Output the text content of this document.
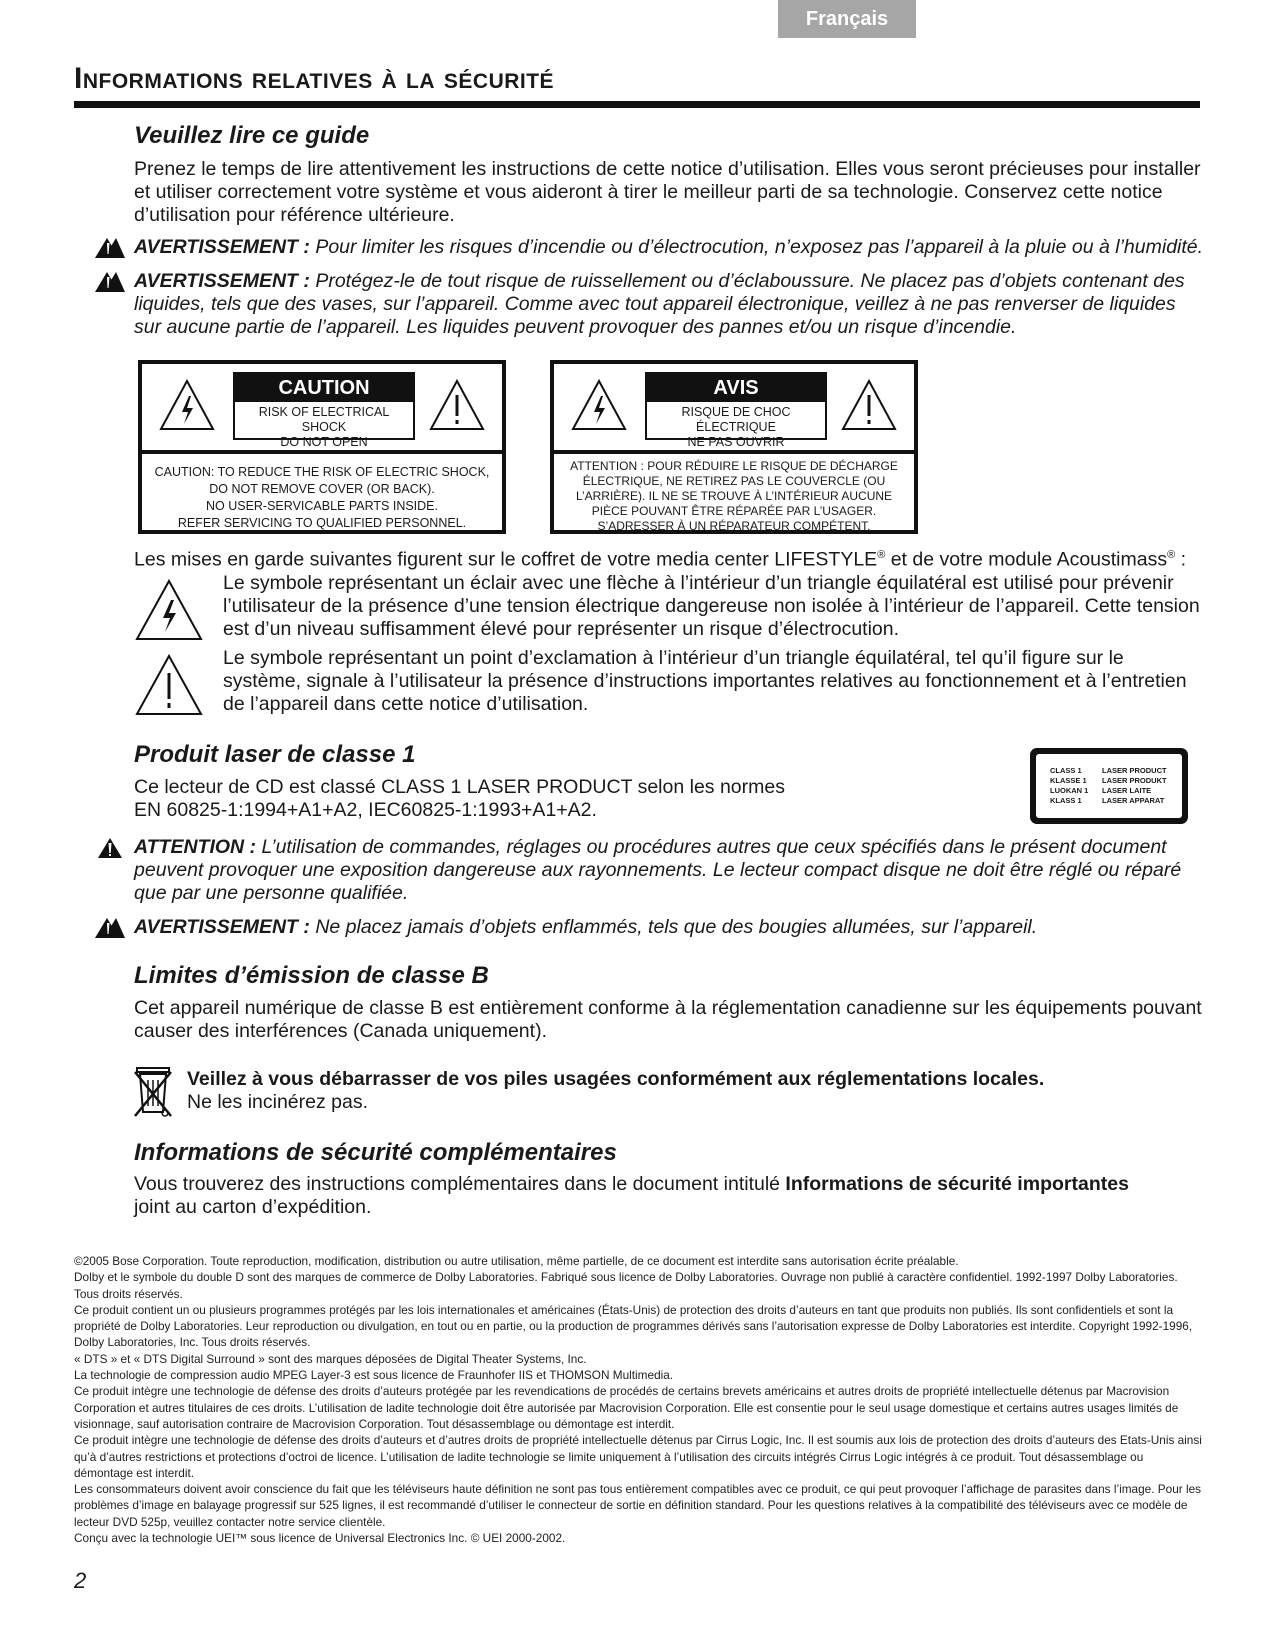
Français
Informations relatives à la sécurité
Veuillez lire ce guide

Prenez le temps de lire attentivement les instructions de cette notice d’utilisation. Elles vous seront précieuses pour installer et utiliser correctement votre système et vous aideront à tirer le meilleur parti de sa technologie. Conservez cette notice d’utilisation pour référence ultérieure.

AVERTISSEMENT : Pour limiter les risques d’incendie ou d’électrocution, n’exposez pas l’appareil à la pluie ou à l’humidité.
AVERTISSEMENT : Protégez-le de tout risque de ruissellement ou d’éclaboussure. Ne placez pas d’objets contenant des liquides, tels que des vases, sur l’appareil. Comme avec tout appareil électronique, veillez à ne pas renverser de liquides sur aucune partie de l’appareil. Les liquides peuvent provoquer des pannes et/ou un risque d’incendie.
CAUTION
RISK OF ELECTRICAL SHOCK
DO NOT OPEN
CAUTION: TO REDUCE THE RISK OF ELECTRIC SHOCK,
DO NOT REMOVE COVER (OR BACK).
NO USER-SERVICABLE PARTS INSIDE.
REFER SERVICING TO QUALIFIED PERSONNEL.
AVIS
RISQUE DE CHOC ÉLECTRIQUE
NE PAS OUVRIR
ATTENTION : POUR RÉDUIRE LE RISQUE DE DÉCHARGE
ÉLECTRIQUE, NE RETIREZ PAS LE COUVERCLE (OU
L’ARRIÈRE). IL NE SE TROUVE À L’INTÉRIEUR AUCUNE
PIÈCE POUVANT ÊTRE RÉPARÉE PAR L’USAGER.
S’ADRESSER À UN RÉPARATEUR COMPÉTENT.

Les mises en garde suivantes figurent sur le coffret de votre media center LIFESTYLE® et de votre module Acoustimass® :

Le symbole représentant un éclair avec une flèche à l’intérieur d’un triangle équilatéral est utilisé pour prévenir l’utilisateur de la présence d’une tension électrique dangereuse non isolée à l’intérieur de l’appareil. Cette tension est d’un niveau suffisamment élevé pour représenter un risque d’électrocution.
Le symbole représentant un point d’exclamation à l’intérieur d’un triangle équilatéral, tel qu’il figure sur le système, signale à l’utilisateur la présence d’instructions importantes relatives au fonctionnement et à l’entretien de l’appareil dans cette notice d’utilisation.
Produit laser de classe 1

Ce lecteur de CD est classé CLASS 1 LASER PRODUCT selon les normes
EN 60825-1:1994+A1+A2, IEC60825-1:1993+A1+A2.

CLASS 1	LASER PRODUCT
KLASSE 1	LASER PRODUKT
LUOKAN 1	LASER LAITE
KLASS 1	LASER APPARAT
ATTENTION : L’utilisation de commandes, réglages ou procédures autres que ceux spécifiés dans le présent document peuvent provoquer une exposition dangereuse aux rayonnements. Le lecteur compact disque ne doit être réglé ou réparé que par une personne qualifiée.
AVERTISSEMENT : Ne placez jamais d’objets enflammés, tels que des bougies allumées, sur l’appareil.
Limites d’émission de classe B

Cet appareil numérique de classe B est entièrement conforme à la réglementation canadienne sur les équipements pouvant causer des interférences (Canada uniquement).

Veillez à vous débarrasser de vos piles usagées conformément aux réglementations locales.
Ne les incinérez pas.

Informations de sécurité complémentaires

Vous trouverez des instructions complémentaires dans le document intitulé Informations de sécurité importantes
joint au carton d’expédition.

©2005 Bose Corporation. Toute reproduction, modification, distribution ou autre utilisation, même partielle, de ce document est interdite sans autorisation écrite préalable.

Dolby et le symbole du double D sont des marques de commerce de Dolby Laboratories. Fabriqué sous licence de Dolby Laboratories. Ouvrage non publié à caractère confidentiel. 1992-1997 Dolby Laboratories. Tous droits réservés.

Ce produit contient un ou plusieurs programmes protégés par les lois internationales et américaines (États-Unis) de protection des droits d’auteurs en tant que produits non publiés. Ils sont confidentiels et sont la propriété de Dolby Laboratories. Leur reproduction ou divulgation, en tout ou en partie, ou la production de programmes dérivés sans l’autorisation expresse de Dolby Laboratories est interdite. Copyright 1992-1996, Dolby Laboratories, Inc. Tous droits réservés.

« DTS » et « DTS Digital Surround » sont des marques déposées de Digital Theater Systems, Inc.

La technologie de compression audio MPEG Layer-3 est sous licence de Fraunhofer IIS et THOMSON Multimedia.

Ce produit intègre une technologie de défense des droits d’auteurs protégée par les revendications de procédés de certains brevets américains et autres droits de propriété intellectuelle détenus par Macrovision Corporation et autres titulaires de ces droits. L’utilisation de ladite technologie doit être autorisée par Macrovision Corporation. Elle est consentie pour le seul usage domestique et certains autres usages limités de visionnage, sauf autorisation contraire de Macrovision Corporation. Tout désassemblage ou démontage est interdit.

Ce produit intègre une technologie de défense des droits d’auteurs et d’autres droits de propriété intellectuelle détenus par Cirrus Logic, Inc. Il est soumis aux lois de protection des droits d’auteurs des Etats-Unis ainsi qu’à d’autres restrictions et protections d’octroi de licence. L’utilisation de ladite technologie se limite uniquement à l’utilisation des circuits intégrés Cirrus Logic intégrés à ce produit. Tout désassemblage ou démontage est interdit.

Les consommateurs doivent avoir conscience du fait que les téléviseurs haute définition ne sont pas tous entièrement compatibles avec ce produit, ce qui peut provoquer l’affichage de parasites dans l’image. Pour les problèmes d’image en balayage progressif sur 525 lignes, il est recommandé d’utiliser le connecteur de sortie en définition standard. Pour les questions relatives à la compatibilité des téléviseurs avec ce modèle de lecteur DVD 525p, veuillez contacter notre service clientèle.

Conçu avec la technologie UEI™ sous licence de Universal Electronics Inc. © UEI 2000-2002.

2
